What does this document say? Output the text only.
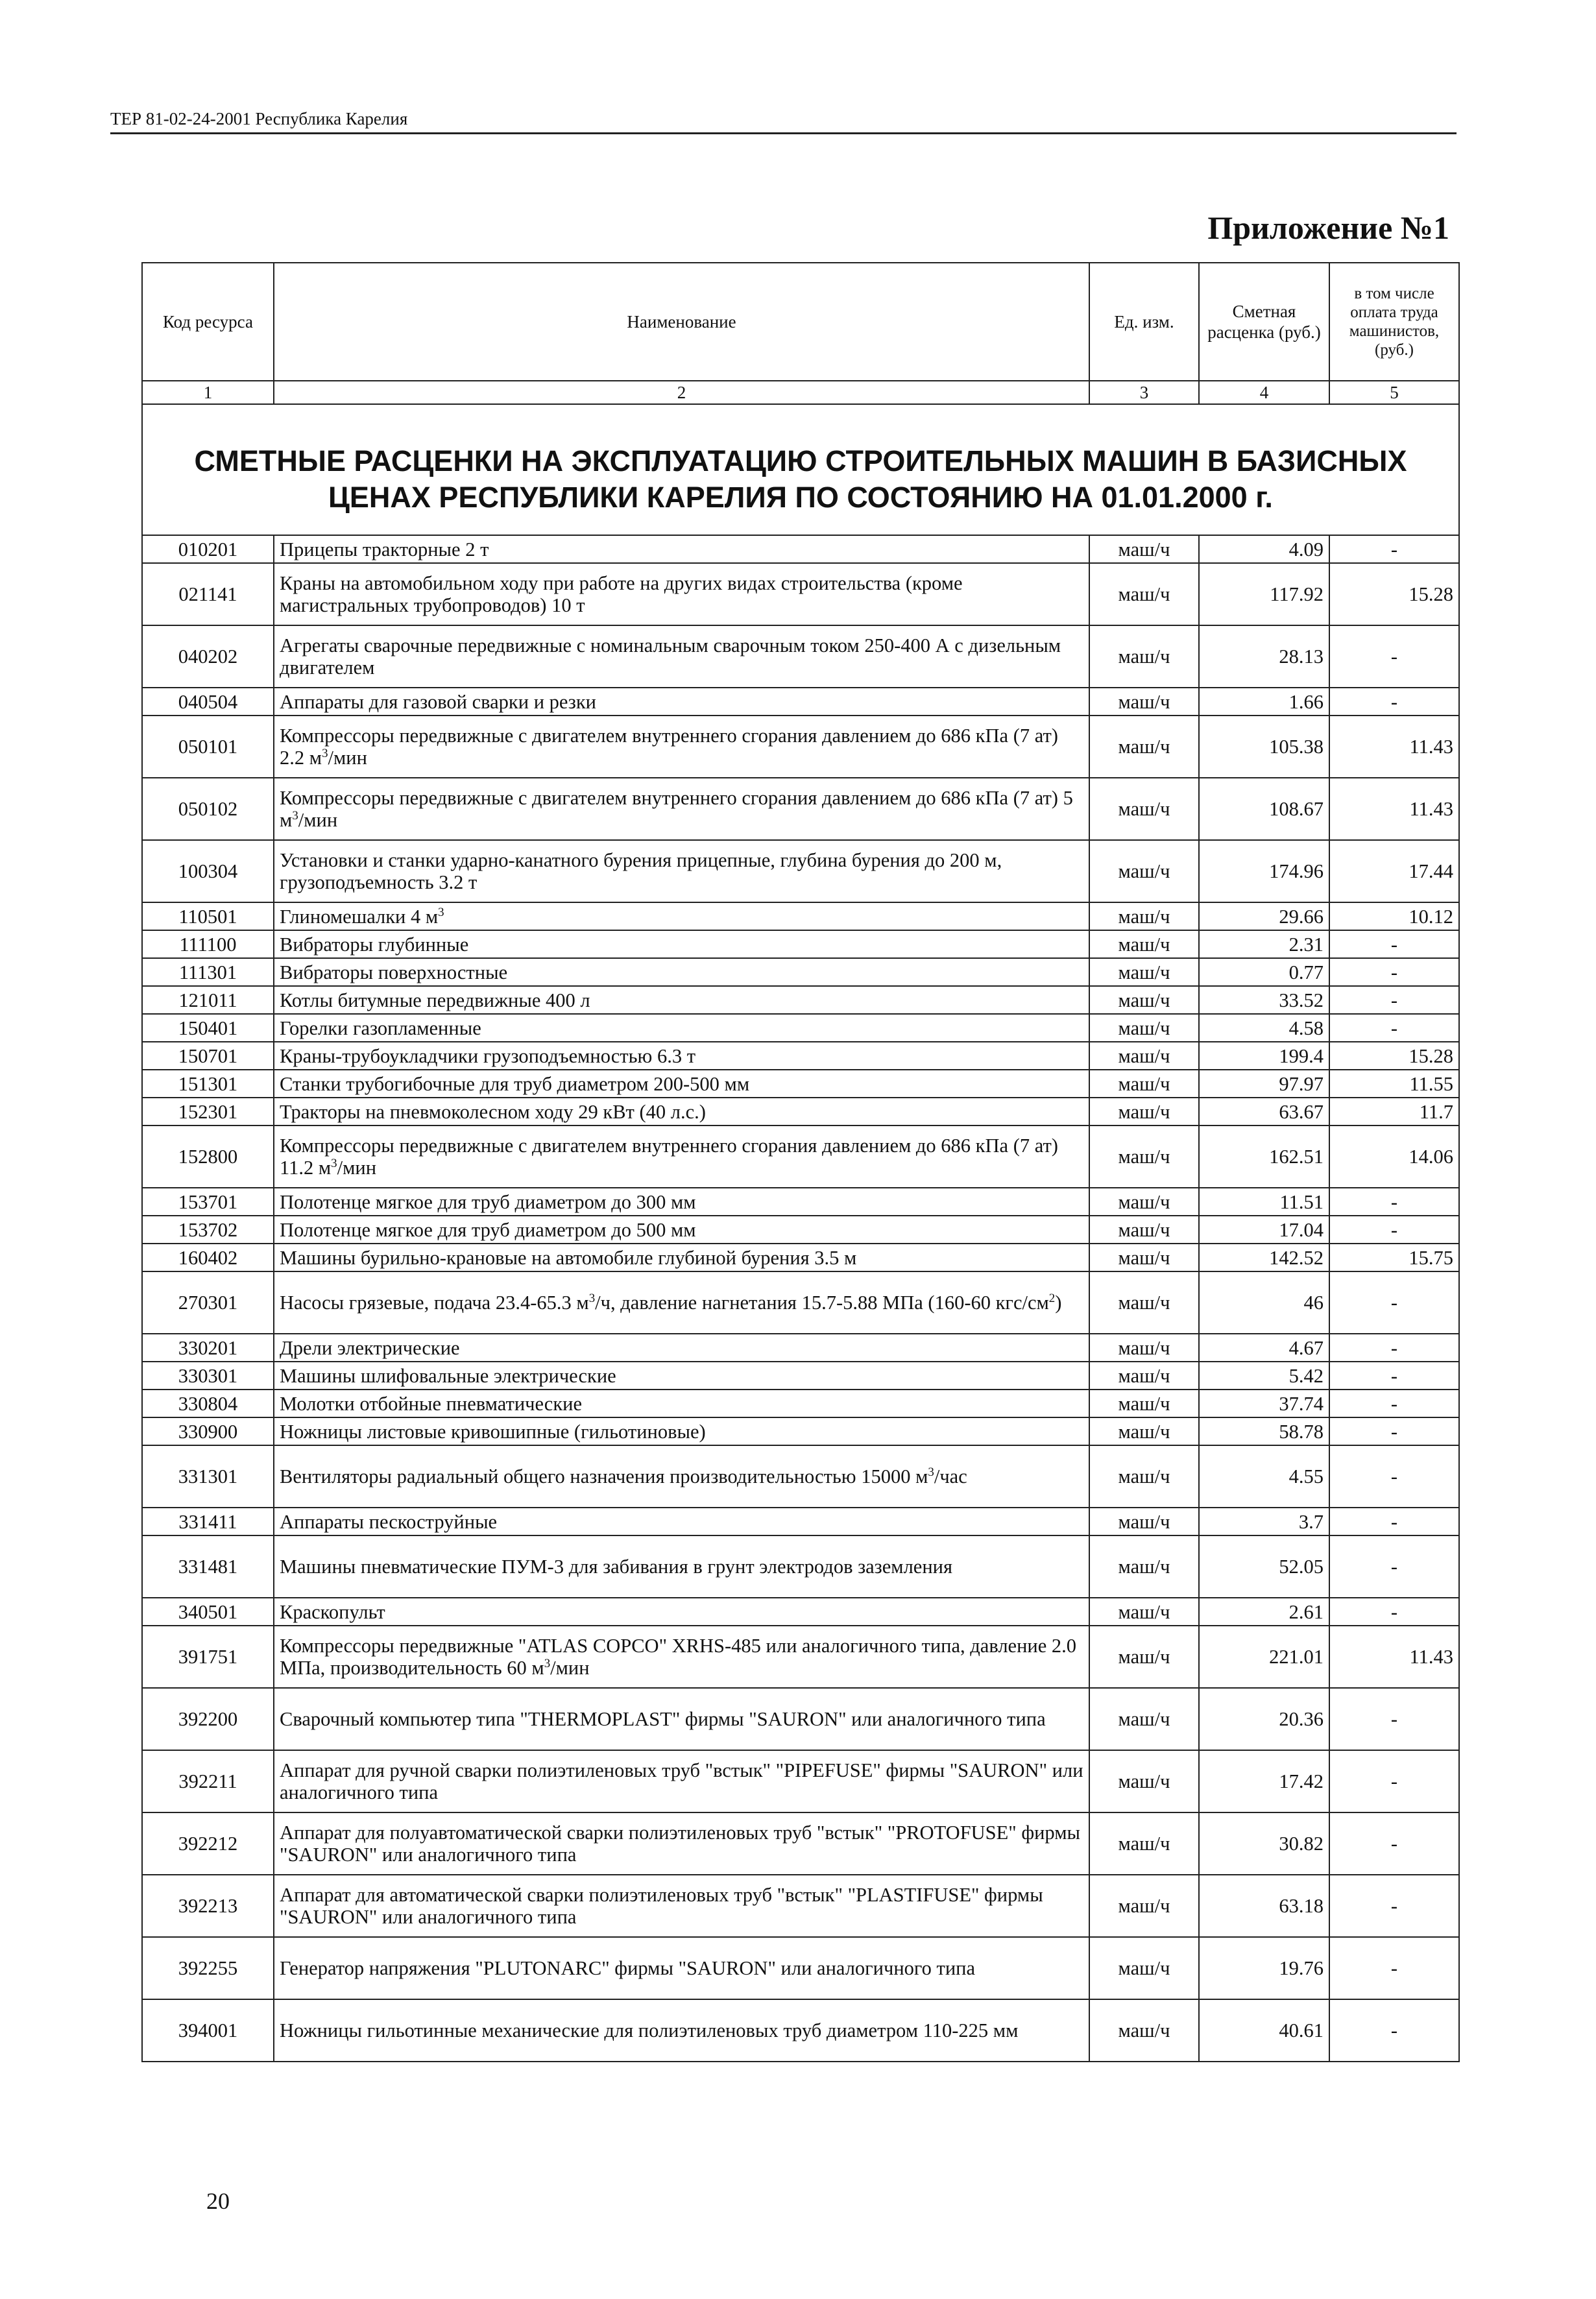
ТЕР 81-02-24-2001 Республика Карелия
Приложение №1
Код ресурса	Наименование	Ед. изм.	Сметная расценка (руб.)	в том числе оплата труда машинистов, (руб.)
1	2	3	4	5
СМЕТНЫЕ РАСЦЕНКИ НА ЭКСПЛУАТАЦИЮ СТРОИТЕЛЬНЫХ МАШИН В БАЗИСНЫХ ЦЕНАХ РЕСПУБЛИКИ КАРЕЛИЯ ПО СОСТОЯНИЮ НА 01.01.2000 г.				
010201	Прицепы тракторные 2 т	маш/ч	4.09	-
021141	Краны на автомобильном ходу при работе на других видах строительства (кроме магистральных трубопроводов) 10 т	маш/ч	117.92	15.28
040202	Агрегаты сварочные передвижные с номинальным сварочным током 250-400 А с дизельным двигателем	маш/ч	28.13	-
040504	Аппараты для газовой сварки и резки	маш/ч	1.66	-
050101	Компрессоры передвижные с двигателем внутреннего сгорания давлением до 686 кПа (7 ат) 2.2 $м^3$/мин	маш/ч	105.38	11.43
050102	Компрессоры передвижные с двигателем внутреннего сгорания давлением до 686 кПа (7 ат) 5 $м^3$/мин	маш/ч	108.67	11.43
100304	Установки и станки ударно-канатного бурения прицепные, глубина бурения до 200 м, грузоподъемность 3.2 т	маш/ч	174.96	17.44
110501	Глиномешалки 4 $м^3$	маш/ч	29.66	10.12
111100	Вибраторы глубинные	маш/ч	2.31	-
111301	Вибраторы поверхностные	маш/ч	0.77	-
121011	Котлы битумные передвижные 400 л	маш/ч	33.52	-
150401	Горелки газопламенные	маш/ч	4.58	-
150701	Краны-трубоукладчики грузоподъемностью 6.3 т	маш/ч	199.4	15.28
151301	Станки трубогибочные для труб диаметром 200-500 мм	маш/ч	97.97	11.55
152301	Тракторы на пневмоколесном ходу 29 кВт (40 л.с.)	маш/ч	63.67	11.7
152800	Компрессоры передвижные с двигателем внутреннего сгорания давлением до 686 кПа (7 ат) 11.2 $м^3$/мин	маш/ч	162.51	14.06
153701	Полотенце мягкое для труб диаметром до 300 мм	маш/ч	11.51	-
153702	Полотенце мягкое для труб диаметром до 500 мм	маш/ч	17.04	-
160402	Машины бурильно-крановые на автомобиле глубиной бурения 3.5 м	маш/ч	142.52	15.75
270301	Насосы грязевые, подача 23.4-65.3 $м^3/ч$, давление нагнетания 15.7-5.88 МПа (160-60 кгс/$см^2$)	маш/ч	46	-
330201	Дрели электрические	маш/ч	4.67	-
330301	Машины шлифовальные электрические	маш/ч	5.42	-
330804	Молотки отбойные пневматические	маш/ч	37.74	-
330900	Ножницы листовые кривошипные (гильотиновые)	маш/ч	58.78	-
331301	Вентиляторы радиальный общего назначения производительностью 15000 $м^3$/час	маш/ч	4.55	-
331411	Аппараты пескоструйные	маш/ч	3.7	-
331481	Машины пневматические ПУМ-3 для забивания в грунт электродов заземления	маш/ч	52.05	-
340501	Краскопульт	маш/ч	2.61	-
391751	Компрессоры передвижные "ATLAS COPCO" XRHS-485 или аналогичного типа, давление 2.0 МПа, производительность 60 $м^3$/мин	маш/ч	221.01	11.43
392200	Сварочный компьютер типа "THERMOPLAST" фирмы "SAURON" или аналогичного типа	маш/ч	20.36	-
392211	Аппарат для ручной сварки полиэтиленовых труб "встык" "PIPEFUSE" фирмы "SAURON" или аналогичного типа	маш/ч	17.42	-
392212	Аппарат для полуавтоматической сварки полиэтиленовых труб "встык" "PROTOFUSE" фирмы "SAURON" или аналогичного типа	маш/ч	30.82	-
392213	Аппарат для автоматической сварки полиэтиленовых труб "встык" "PLASTIFUSE" фирмы "SAURON" или аналогичного типа	маш/ч	63.18	-
392255	Генератор напряжения "PLUTONARC" фирмы "SAURON" или аналогичного типа	маш/ч	19.76	-
394001	Ножницы гильотинные механические для полиэтиленовых труб диаметром 110-225 мм	маш/ч	40.61	-
20
